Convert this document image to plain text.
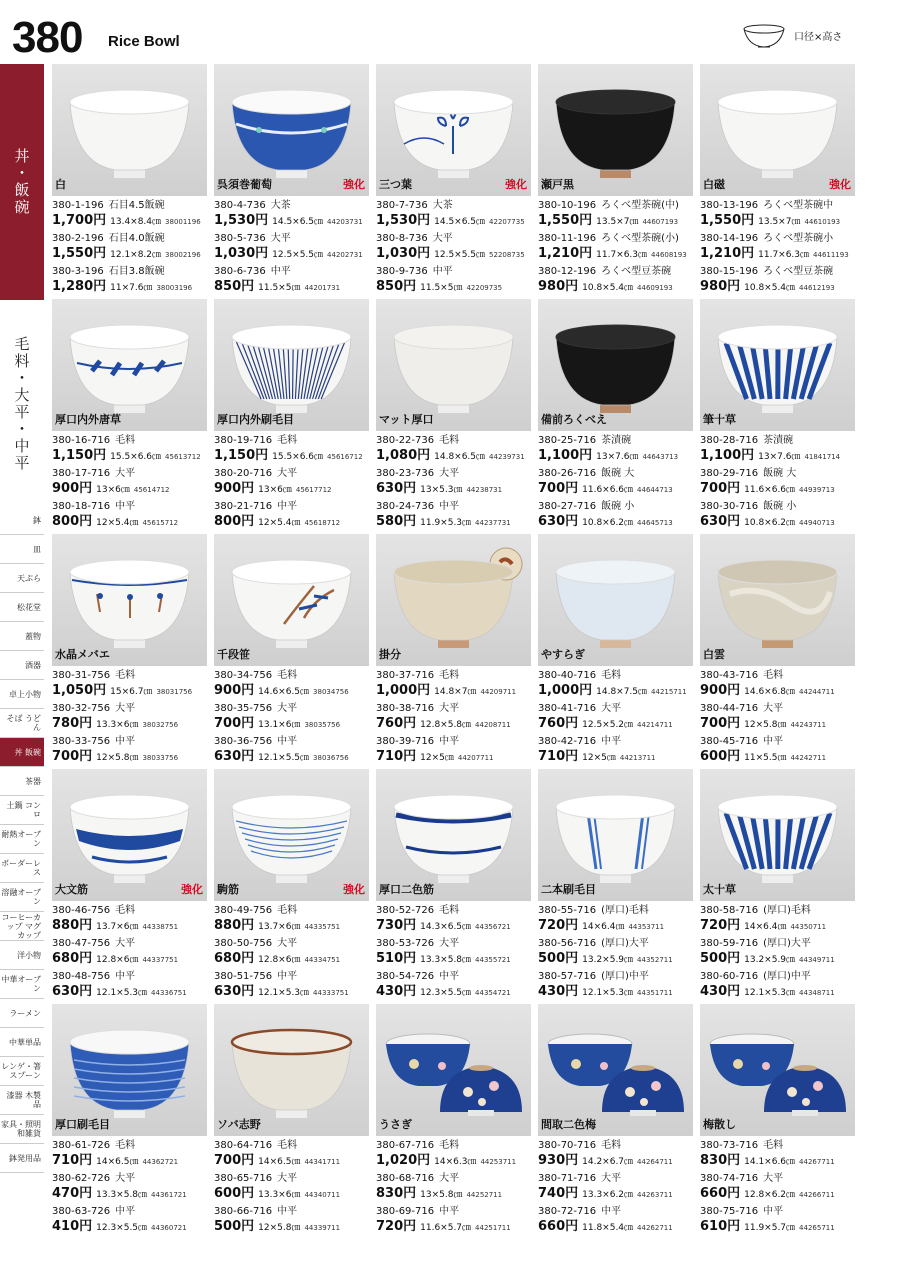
380 Rice Bowl	口径×高さ
丼・飯碗
毛料・大平・中平
鉢
皿
天ぷら
松花堂
蓋物
酒器
卓上小物
そば うどん
丼 飯碗
茶器
土鍋 コンロ
耐熱オーブン
ボーダーレス
溶融オーブン
コーヒーカップ マグカップ
洋小物
中華オーブン
ラーメン
中華単品
レンゲ・箸 スプーン
漆器 木製品
家具・照明 和雑貨
鉢発用品
白
380-1-196 石目4.5飯碗
1,700円 13.4×8.4㎝ 38001196
380-2-196 石目4.0飯碗
1,550円 12.1×8.2㎝ 38002196
380-3-196 石目3.8飯碗
1,280円 11×7.6㎝ 38003196
呉須巻葡萄	強化
380-4-736 大茶
1,530円 14.5×6.5㎝ 44203731
380-5-736 大平
1,030円 12.5×5.5㎝ 44202731
380-6-736 中平
850円 11.5×5㎝ 44201731
三つ葉	強化
380-7-736 大茶
1,530円 14.5×6.5㎝ 42207735
380-8-736 大平
1,030円 12.5×5.5㎝ 52208735
380-9-736 中平
850円 11.5×5㎝ 42209735
瀬戸黒
380-10-196 ろくべ型茶碗(中)
1,550円 13.5×7㎝ 44607193
380-11-196 ろくべ型茶碗(小)
1,210円 11.7×6.3㎝ 44608193
380-12-196 ろくべ型豆茶碗
980円 10.8×5.4㎝ 44609193
白磁	強化
380-13-196 ろくべ型茶碗中
1,550円 13.5×7㎝ 44610193
380-14-196 ろくべ型茶碗小
1,210円 11.7×6.3㎝ 44611193
380-15-196 ろくべ型豆茶碗
980円 10.8×5.4㎝ 44612193
厚口内外唐草
380-16-716 毛料
1,150円 15.5×6.6㎝ 45613712
380-17-716 大平
900円 13×6㎝ 45614712
380-18-716 中平
800円 12×5.4㎝ 45615712
厚口内外刷毛目
380-19-716 毛料
1,150円 15.5×6.6㎝ 45616712
380-20-716 大平
900円 13×6㎝ 45617712
380-21-716 中平
800円 12×5.4㎝ 45618712
マット厚口
380-22-736 毛料
1,080円 14.8×6.5㎝ 44239731
380-23-736 大平
630円 13×5.3㎝ 44238731
380-24-736 中平
580円 11.9×5.3㎝ 44237731
備前ろくべえ
380-25-716 茶漬碗
1,100円 13×7.6㎝ 44643713
380-26-716 飯碗 大
700円 11.6×6.6㎝ 44644713
380-27-716 飯碗 小
630円 10.8×6.2㎝ 44645713
筆十草
380-28-716 茶漬碗
1,100円 13×7.6㎝ 41841714
380-29-716 飯碗 大
700円 11.6×6.6㎝ 44939713
380-30-716 飯碗 小
630円 10.8×6.2㎝ 44940713
水晶メバエ
380-31-756 毛料
1,050円 15×6.7㎝ 38031756
380-32-756 大平
780円 13.3×6㎝ 38032756
380-33-756 中平
700円 12×5.8㎝ 38033756
千段笹
380-34-756 毛料
900円 14.6×6.5㎝ 38034756
380-35-756 大平
700円 13.1×6㎝ 38035756
380-36-756 中平
630円 12.1×5.5㎝ 38036756
掛分
380-37-716 毛料
1,000円 14.8×7㎝ 44209711
380-38-716 大平
760円 12.8×5.8㎝ 44208711
380-39-716 中平
710円 12×5㎝ 44207711
やすらぎ
380-40-716 毛料
1,000円 14.8×7.5㎝ 44215711
380-41-716 大平
760円 12.5×5.2㎝ 44214711
380-42-716 中平
710円 12×5㎝ 44213711
白雲
380-43-716 毛料
900円 14.6×6.8㎝ 44244711
380-44-716 大平
700円 12×5.8㎝ 44243711
380-45-716 中平
600円 11×5.5㎝ 44242711
大文筋	強化
380-46-756 毛料
880円 13.7×6㎝ 44338751
380-47-756 大平
680円 12.8×6㎝ 44337751
380-48-756 中平
630円 12.1×5.3㎝ 44336751
駒筋	強化
380-49-756 毛料
880円 13.7×6㎝ 44335751
380-50-756 大平
680円 12.8×6㎝ 44334751
380-51-756 中平
630円 12.1×5.3㎝ 44333751
厚口二色筋
380-52-726 毛料
730円 14.3×6.5㎝ 44356721
380-53-726 大平
510円 13.3×5.8㎝ 44355721
380-54-726 中平
430円 12.3×5.5㎝ 44354721
二本刷毛目
380-55-716 (厚口)毛料
720円 14×6.4㎝ 44353711
380-56-716 (厚口)大平
500円 13.2×5.9㎝ 44352711
380-57-716 (厚口)中平
430円 12.1×5.3㎝ 44351711
太十草
380-58-716 (厚口)毛料
720円 14×6.4㎝ 44350711
380-59-716 (厚口)大平
500円 13.2×5.9㎝ 44349711
380-60-716 (厚口)中平
430円 12.1×5.3㎝ 44348711
厚口刷毛目
380-61-726 毛料
710円 14×6.5㎝ 44362721
380-62-726 大平
470円 13.3×5.8㎝ 44361721
380-63-726 中平
410円 12.3×5.5㎝ 44360721
ソバ志野
380-64-716 毛料
700円 14×6.5㎝ 44341711
380-65-716 大平
600円 13.3×6㎝ 44340711
380-66-716 中平
500円 12×5.8㎝ 44339711
うさぎ
380-67-716 毛料
1,020円 14×6.3㎝ 44253711
380-68-716 大平
830円 13×5.8㎝ 44252711
380-69-716 中平
720円 11.6×5.7㎝ 44251711
間取二色梅
380-70-716 毛料
930円 14.2×6.7㎝ 44264711
380-71-716 大平
740円 13.3×6.2㎝ 44263711
380-72-716 中平
660円 11.8×5.4㎝ 44262711
梅散し
380-73-716 毛料
830円 14.1×6.6㎝ 44267711
380-74-716 大平
660円 12.8×6.2㎝ 44266711
380-75-716 中平
610円 11.9×5.7㎝ 44265711
